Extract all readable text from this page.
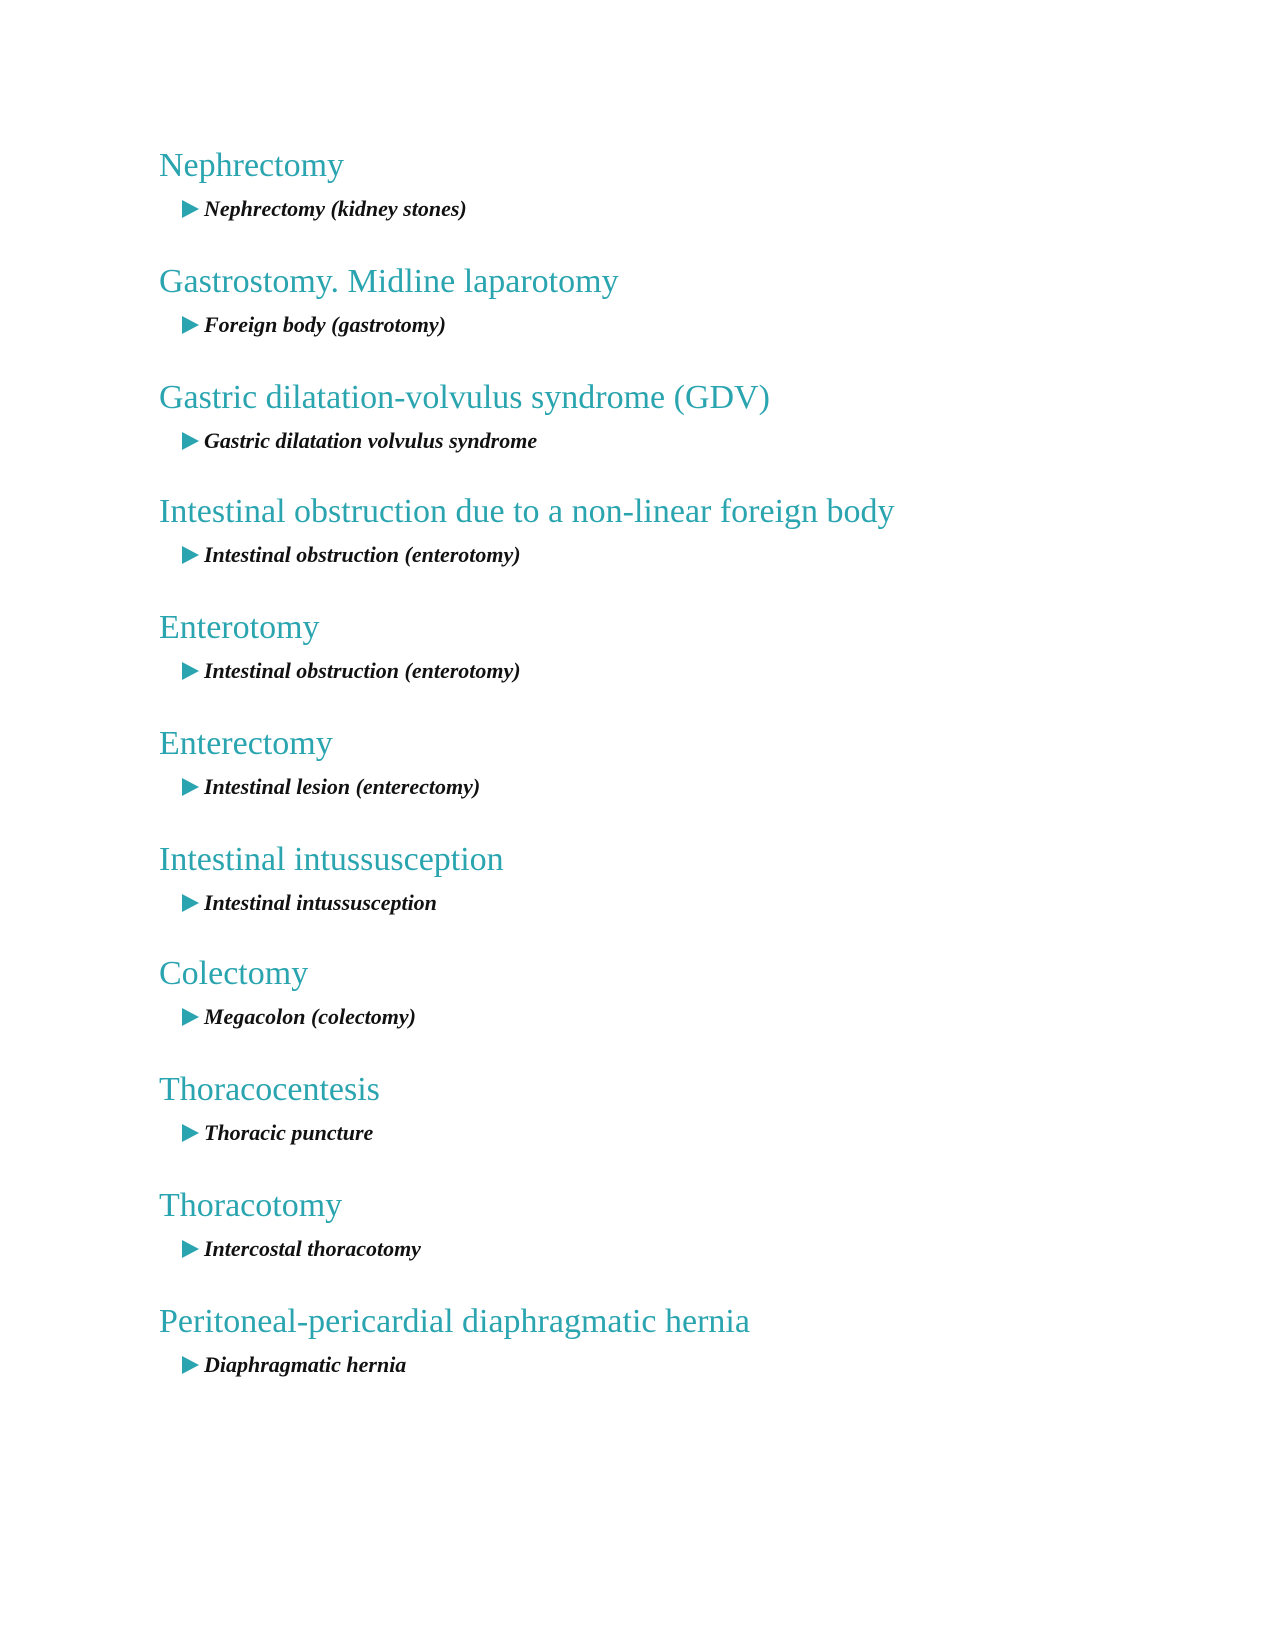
Nephrectomy
Nephrectomy (kidney stones)
Gastrostomy. Midline laparotomy
Foreign body (gastrotomy)
Gastric dilatation-volvulus syndrome (GDV)
Gastric dilatation volvulus syndrome
Intestinal obstruction due to a non-linear foreign body
Intestinal obstruction (enterotomy)
Enterotomy
Intestinal obstruction (enterotomy)
Enterectomy
Intestinal lesion (enterectomy)
Intestinal intussusception
Intestinal intussusception
Colectomy
Megacolon (colectomy)
Thoracocentesis
Thoracic puncture
Thoracotomy
Intercostal thoracotomy
Peritoneal-pericardial diaphragmatic hernia
Diaphragmatic hernia
